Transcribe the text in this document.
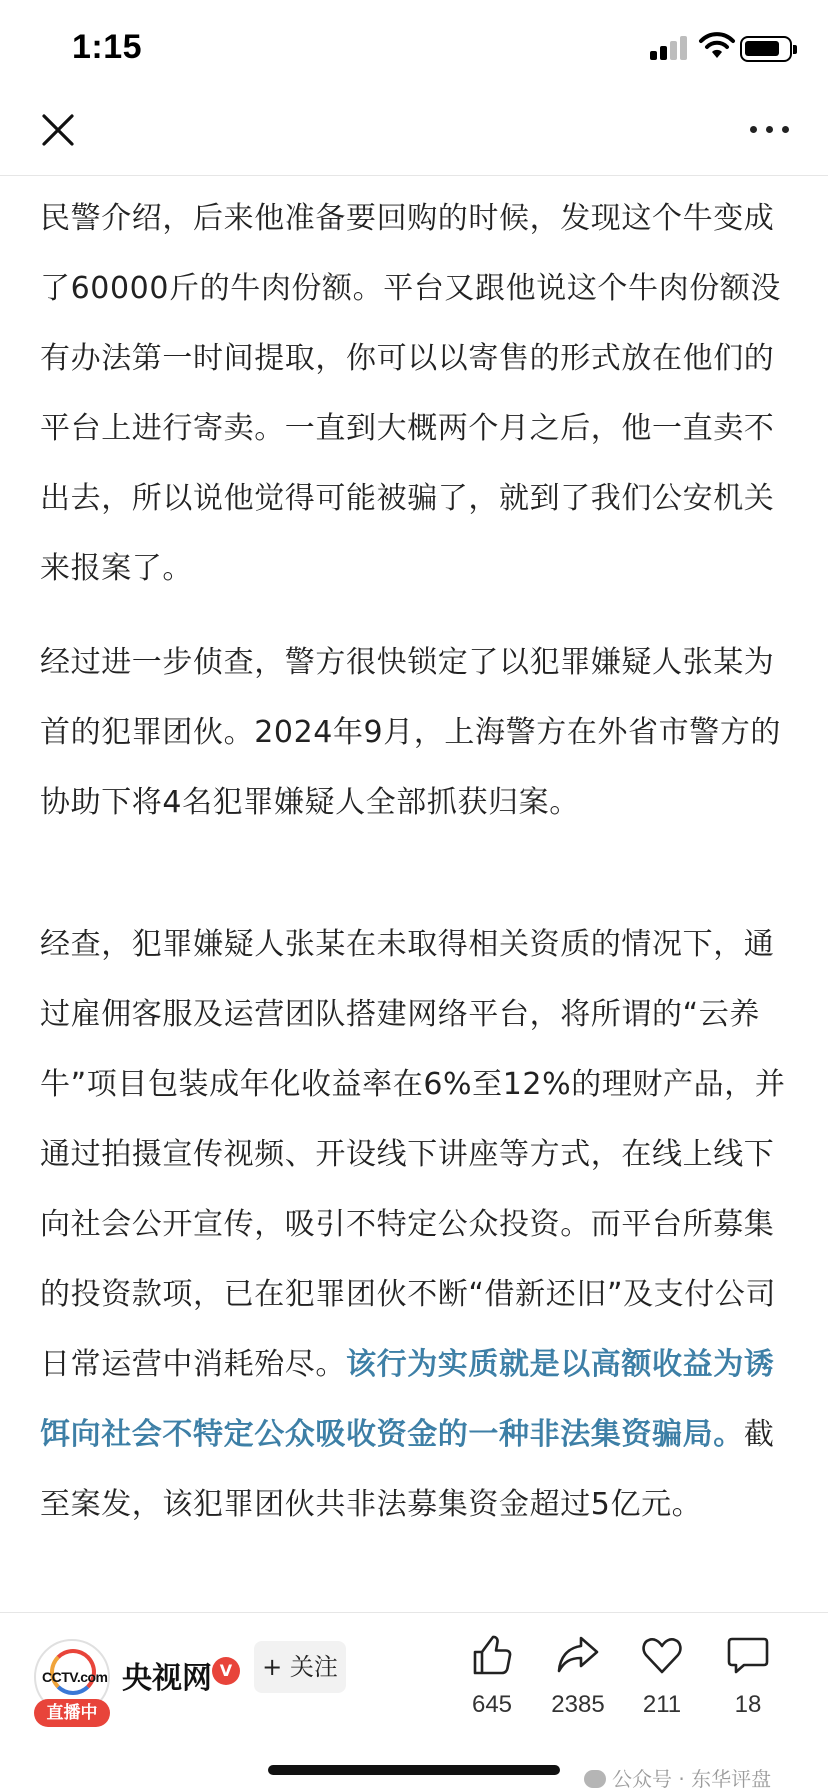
1:15

民警介绍，后来他准备要回购的时候，发现这个牛变成了60000斤的牛肉份额。平台又跟他说这个牛肉份额没有办法第一时间提取，你可以以寄售的形式放在他们的平台上进行寄卖。一直到大概两个月之后，他一直卖不出去，所以说他觉得可能被骗了，就到了我们公安机关来报案了。

经过进一步侦查，警方很快锁定了以犯罪嫌疑人张某为首的犯罪团伙。2024年9月，上海警方在外省市警方的协助下将4名犯罪嫌疑人全部抓获归案。

经查，犯罪嫌疑人张某在未取得相关资质的情况下，通过雇佣客服及运营团队搭建网络平台，将所谓的“云养牛”项目包装成年化收益率在6%至12%的理财产品，并通过拍摄宣传视频、开设线下讲座等方式，在线上线下向社会公开宣传，吸引不特定公众投资。而平台所募集的投资款项，已在犯罪团伙不断“借新还旧”及支付公司日常运营中消耗殆尽。该行为实质就是以高额收益为诱饵向社会不特定公众吸收资金的一种非法集资骗局。截至案发，该犯罪团伙共非法募集资金超过5亿元。

CCTV.com
直播中
央视网 V	+ 关注
645	2385	211	18
公众号 · 东华评盘
